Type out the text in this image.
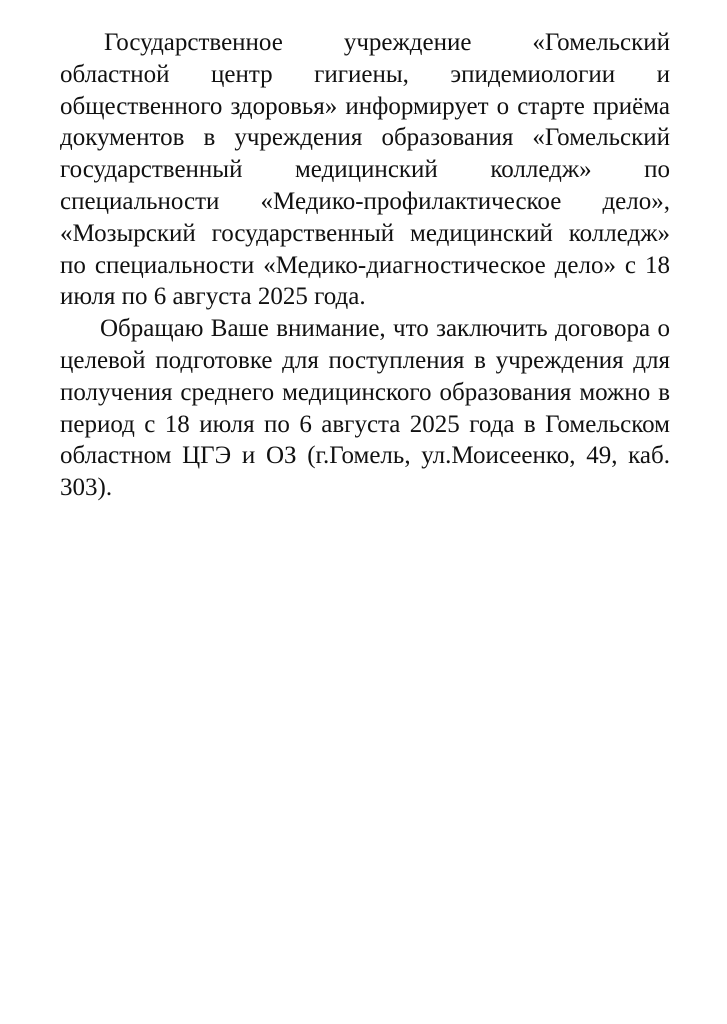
Государственное учреждение «Гомельский областной центр гигиены, эпидемиологии и общественного здоровья» информирует о старте приёма документов в учреждения образования «Гомельский государственный медицинский колледж» по специальности «Медико-профилактическое дело», «Мозырский государственный медицинский колледж» по специальности «Медико-диагностическое дело» с 18 июля по 6 августа 2025 года.

Обращаю Ваше внимание, что заключить договора о целевой подготовке для поступления в учреждения для получения среднего медицинского образования можно в период с 18 июля по 6 августа 2025 года в Гомельском областном ЦГЭ и ОЗ (г.Гомель, ул.Моисеенко, 49, каб. 303).
